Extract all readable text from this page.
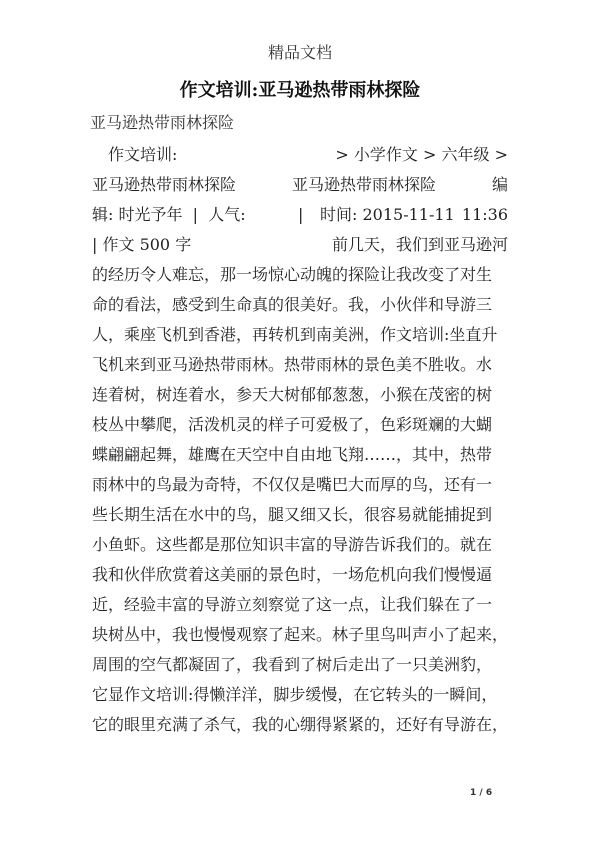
精品文档
作文培训:亚马逊热带雨林探险
亚马逊热带雨林探险
作文培训:	> 小学作文 > 六年级 >
亚马逊热带雨林探险	亚马逊热带雨林探险	编
辑: 时光予年  |  人气:	| 时间: 2015-11-11 11:36
| 作文 500 字	前几天，我们到亚马逊河
的经历令人难忘，那一场惊心动魄的探险让我改变了对生
命的看法，感受到生命真的很美好。我，小伙伴和导游三
人，乘座飞机到香港，再转机到南美洲，作文培训:坐直升
飞机来到亚马逊热带雨林。热带雨林的景色美不胜收。水
连着树，树连着水，参天大树郁郁葱葱，小猴在茂密的树
枝丛中攀爬，活泼机灵的样子可爱极了，色彩斑斓的大蝴
蝶翩翩起舞，雄鹰在天空中自由地飞翔……，其中，热带
雨林中的鸟最为奇特，不仅仅是嘴巴大而厚的鸟，还有一
些长期生活在水中的鸟，腿又细又长，很容易就能捕捉到
小鱼虾。这些都是那位知识丰富的导游告诉我们的。就在
我和伙伴欣赏着这美丽的景色时，一场危机向我们慢慢逼
近，经验丰富的导游立刻察觉了这一点，让我们躲在了一
块树丛中，我也慢慢观察了起来。林子里鸟叫声小了起来，
周围的空气都凝固了，我看到了树后走出了一只美洲豹，
它显作文培训:得懒洋洋，脚步缓慢，在它转头的一瞬间，
它的眼里充满了杀气，我的心绷得紧紧的，还好有导游在，
1 / 6
